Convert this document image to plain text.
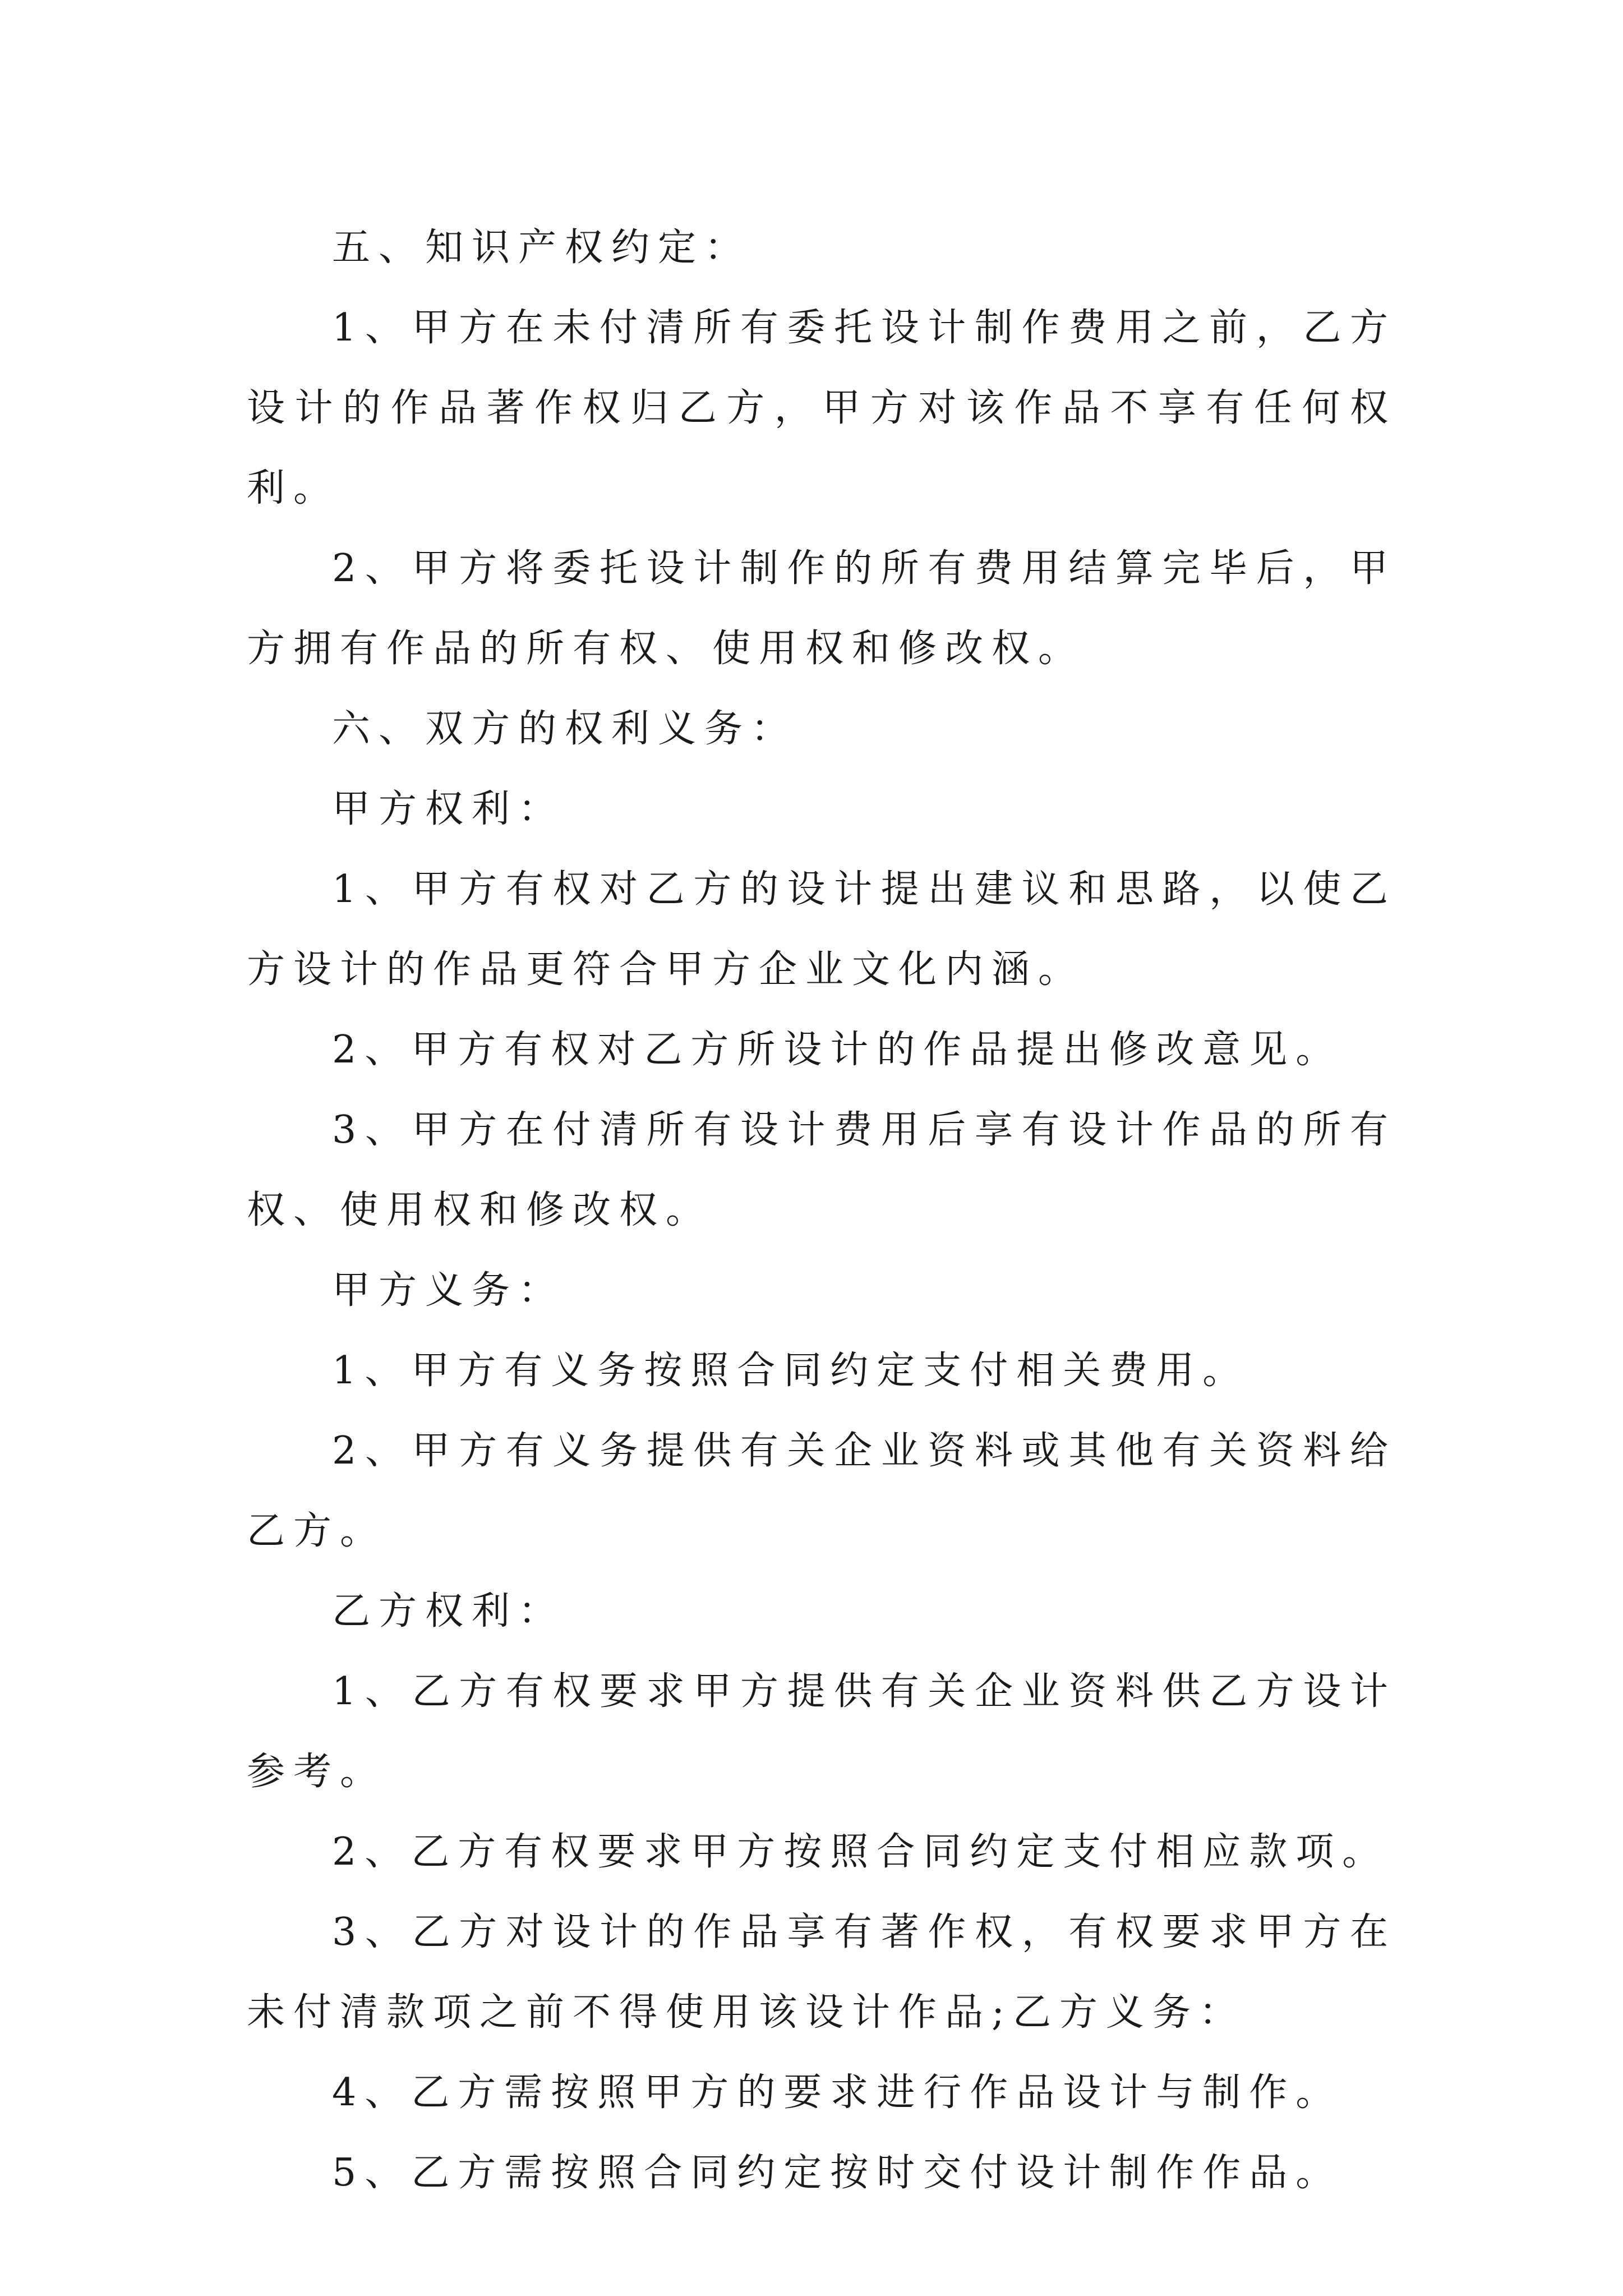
五、知识产权约定：

1、甲方在未付清所有委托设计制作费用之前，乙方设计的作品著作权归乙方，甲方对该作品不享有任何权利。

2、甲方将委托设计制作的所有费用结算完毕后，甲方拥有作品的所有权、使用权和修改权。

六、双方的权利义务：

甲方权利：

1、甲方有权对乙方的设计提出建议和思路，以使乙方设计的作品更符合甲方企业文化内涵。

2、甲方有权对乙方所设计的作品提出修改意见。

3、甲方在付清所有设计费用后享有设计作品的所有权、使用权和修改权。

甲方义务：

1、甲方有义务按照合同约定支付相关费用。

2、甲方有义务提供有关企业资料或其他有关资料给乙方。

乙方权利：

1、乙方有权要求甲方提供有关企业资料供乙方设计参考。

2、乙方有权要求甲方按照合同约定支付相应款项。

3、乙方对设计的作品享有著作权，有权要求甲方在未付清款项之前不得使用该设计作品;乙方义务：

4、乙方需按照甲方的要求进行作品设计与制作。

5、乙方需按照合同约定按时交付设计制作作品。
